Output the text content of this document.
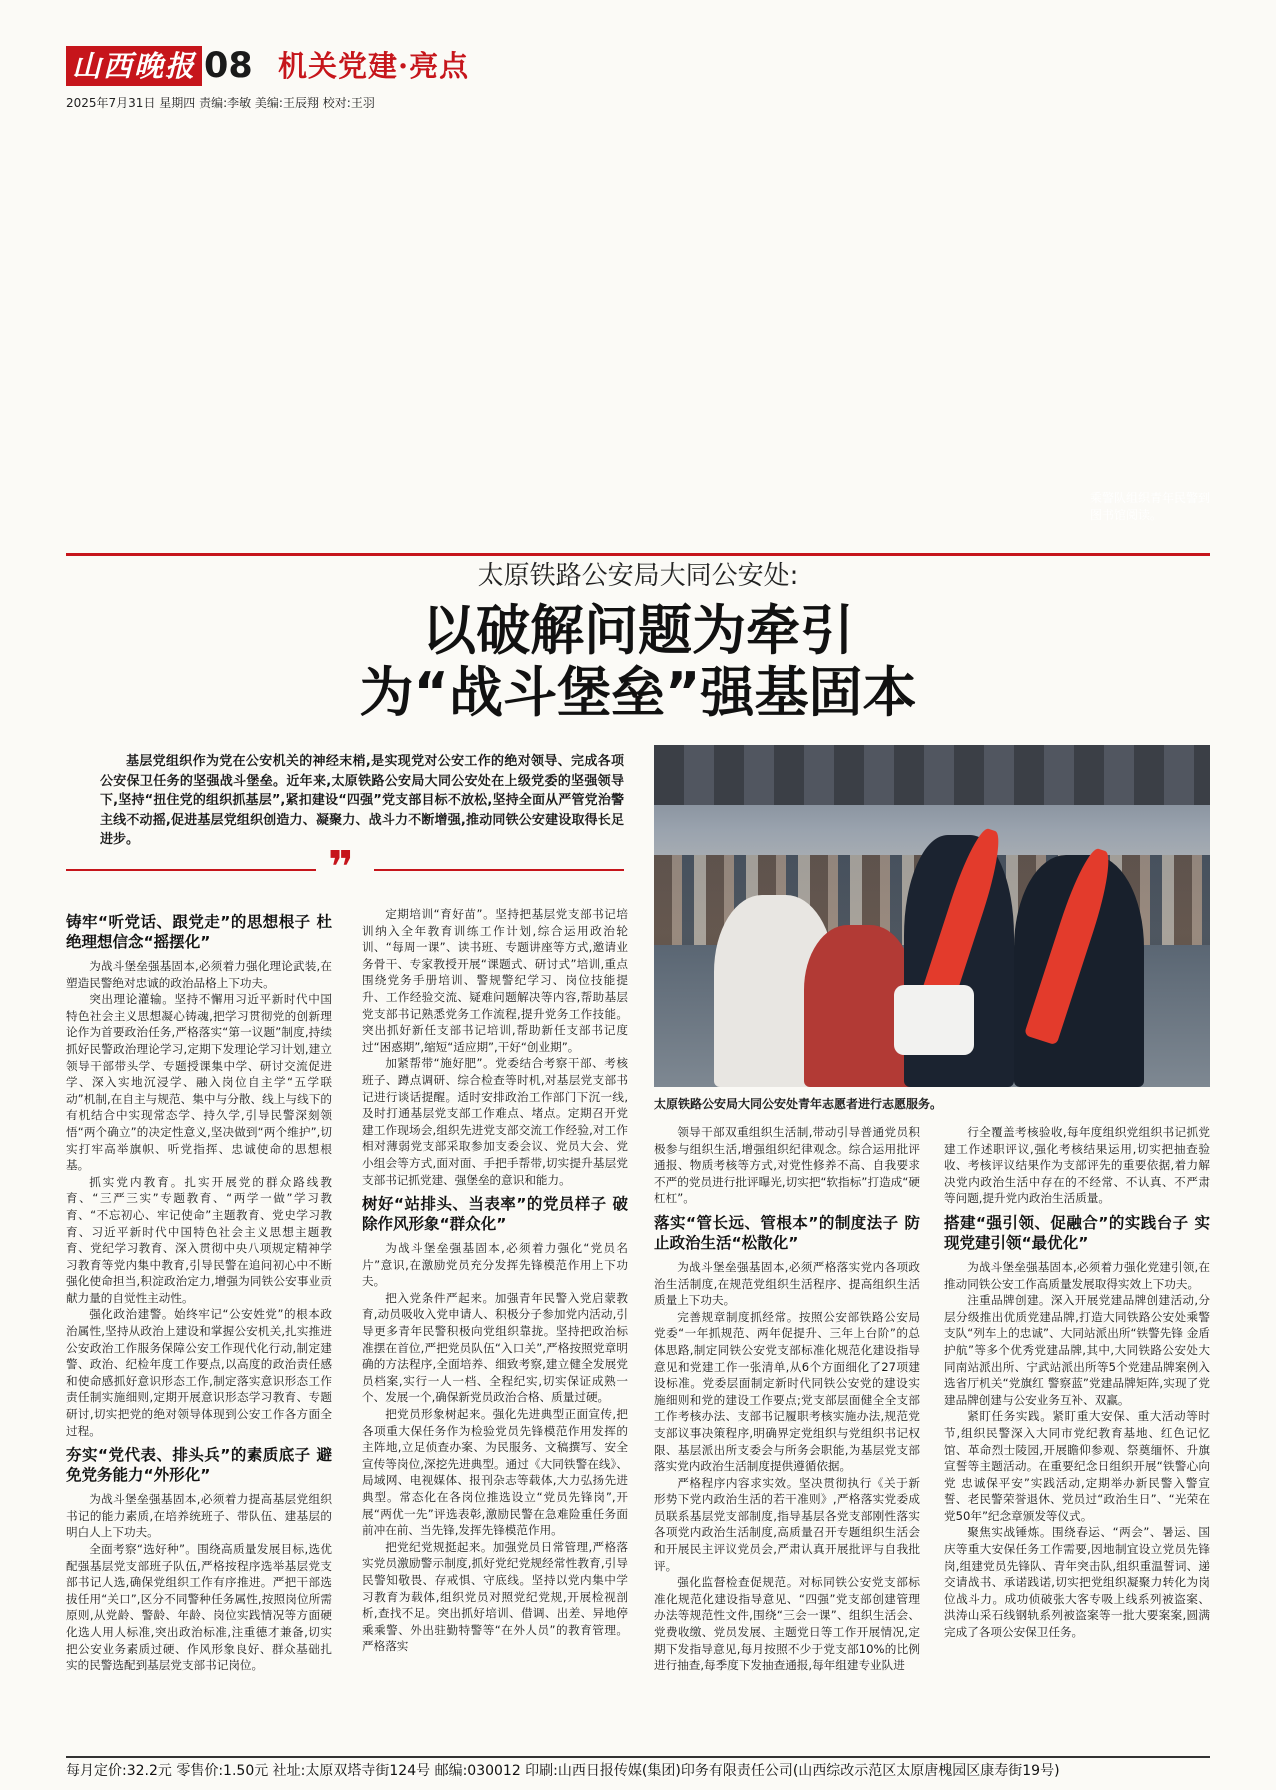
★
大同乘警支队青年先锋队
乘警队组织青年民警到图书馆阅读。
山西晚报 08 机关党建·亮点
2025年7月31日 星期四 责编:李敏 美编:王辰翔 校对:王羽
太原铁路公安局大同公安处:
以破解问题为牵引
为“战斗堡垒”强基固本
基层党组织作为党在公安机关的神经末梢,是实现党对公安工作的绝对领导、完成各项公安保卫任务的坚强战斗堡垒。近年来,太原铁路公安局大同公安处在上级党委的坚强领导下,坚持“扭住党的组织抓基层”,紧扣建设“四强”党支部目标不放松,坚持全面从严管党治警主线不动摇,促进基层党组织创造力、凝聚力、战斗力不断增强,推动同铁公安建设取得长足进步。
❞
太原铁路公安局大同公安处青年志愿者进行志愿服务。
铸牢“听党话、跟党走”的思想根子 杜绝理想信念“摇摆化”

为战斗堡垒强基固本,必须着力强化理论武装,在塑造民警绝对忠诚的政治品格上下功夫。

突出理论灌输。坚持不懈用习近平新时代中国特色社会主义思想凝心铸魂,把学习贯彻党的创新理论作为首要政治任务,严格落实“第一议题”制度,持续抓好民警政治理论学习,定期下发理论学习计划,建立领导干部带头学、专题授课集中学、研讨交流促进学、深入实地沉浸学、融入岗位自主学“五学联动”机制,在自主与规范、集中与分散、线上与线下的有机结合中实现常态学、持久学,引导民警深刻领悟“两个确立”的决定性意义,坚决做到“两个维护”,切实打牢高举旗帜、听党指挥、忠诚使命的思想根基。

抓实党内教育。扎实开展党的群众路线教育、“三严三实”专题教育、“两学一做”学习教育、“不忘初心、牢记使命”主题教育、党史学习教育、习近平新时代中国特色社会主义思想主题教育、党纪学习教育、深入贯彻中央八项规定精神学习教育等党内集中教育,引导民警在追问初心中不断强化使命担当,积淀政治定力,增强为同铁公安事业贡献力量的自觉性主动性。

强化政治建警。始终牢记“公安姓党”的根本政治属性,坚持从政治上建设和掌握公安机关,扎实推进公安政治工作服务保障公安工作现代化行动,制定建警、政治、纪检年度工作要点,以高度的政治责任感和使命感抓好意识形态工作,制定落实意识形态工作责任制实施细则,定期开展意识形态学习教育、专题研讨,切实把党的绝对领导体现到公安工作各方面全过程。

夯实“党代表、排头兵”的素质底子 避免党务能力“外形化”

为战斗堡垒强基固本,必须着力提高基层党组织书记的能力素质,在培养统班子、带队伍、建基层的明白人上下功夫。

全面考察“选好种”。围绕高质量发展目标,选优配强基层党支部班子队伍,严格按程序选举基层党支部书记人选,确保党组织工作有序推进。严把干部选拔任用“关口”,区分不同警种任务属性,按照岗位所需原则,从党龄、警龄、年龄、岗位实践情况等方面硬化选人用人标准,突出政治标准,注重德才兼备,切实把公安业务素质过硬、作风形象良好、群众基础扎实的民警选配到基层党支部书记岗位。

定期培训“育好苗”。坚持把基层党支部书记培训纳入全年教育训练工作计划,综合运用政治轮训、“每周一课”、读书班、专题讲座等方式,邀请业务骨干、专家教授开展“课题式、研讨式”培训,重点围绕党务手册培训、警规警纪学习、岗位技能提升、工作经验交流、疑难问题解决等内容,帮助基层党支部书记熟悉党务工作流程,提升党务工作技能。突出抓好新任支部书记培训,帮助新任支部书记度过“困惑期”,缩短“适应期”,干好“创业期”。

加紧帮带“施好肥”。党委结合考察干部、考核班子、蹲点调研、综合检查等时机,对基层党支部书记进行谈话提醒。适时安排政治工作部门下沉一线,及时打通基层党支部工作难点、堵点。定期召开党建工作现场会,组织先进党支部交流工作经验,对工作相对薄弱党支部采取参加支委会议、党员大会、党小组会等方式,面对面、手把手帮带,切实提升基层党支部书记抓党建、强堡垒的意识和能力。

树好“站排头、当表率”的党员样子 破除作风形象“群众化”

为战斗堡垒强基固本,必须着力强化“党员名片”意识,在激励党员充分发挥先锋模范作用上下功夫。

把入党条件严起来。加强青年民警入党启蒙教育,动员吸收入党申请人、积极分子参加党内活动,引导更多青年民警积极向党组织靠拢。坚持把政治标准摆在首位,严把党员队伍“入口关”,严格按照党章明确的方法程序,全面培养、细致考察,建立健全发展党员档案,实行一人一档、全程纪实,切实保证成熟一个、发展一个,确保新党员政治合格、质量过硬。

把党员形象树起来。强化先进典型正面宣传,把各项重大保任务作为检验党员先锋模范作用发挥的主阵地,立足侦查办案、为民服务、文稿撰写、安全宣传等岗位,深挖先进典型。通过《大同铁警在线》、局域网、电视媒体、报刊杂志等载体,大力弘扬先进典型。常态化在各岗位推选设立“党员先锋岗”,开展“两优一先”评选表彰,激励民警在急难险重任务面前冲在前、当先锋,发挥先锋模范作用。

把党纪党规挺起来。加强党员日常管理,严格落实党员激励警示制度,抓好党纪党规经常性教育,引导民警知敬畏、存戒惧、守底线。坚持以党内集中学习教育为载体,组织党员对照党纪党规,开展检视剖析,查找不足。突出抓好培训、借调、出差、异地停乘乘警、外出驻勤特警等“在外人员”的教育管理。严格落实

领导干部双重组织生活制,带动引导普通党员积极参与组织生活,增强组织纪律观念。综合运用批评通报、物质考核等方式,对党性修养不高、自我要求不严的党员进行批评曝光,切实把“软指标”打造成“硬杠杠”。

落实“管长远、管根本”的制度法子 防止政治生活“松散化”

为战斗堡垒强基固本,必须严格落实党内各项政治生活制度,在规范党组织生活程序、提高组织生活质量上下功夫。

完善规章制度抓经常。按照公安部铁路公安局党委“一年抓规范、两年促提升、三年上台阶”的总体思路,制定同铁公安党支部标准化规范化建设指导意见和党建工作一张清单,从6个方面细化了27项建设标准。党委层面制定新时代同铁公安党的建设实施细则和党的建设工作要点;党支部层面健全全支部工作考核办法、支部书记履职考核实施办法,规范党支部议事决策程序,明确界定党组织与党组织书记权限、基层派出所支委会与所务会职能,为基层党支部落实党内政治生活制度提供遵循依据。

严格程序内容求实效。坚决贯彻执行《关于新形势下党内政治生活的若干准则》,严格落实党委成员联系基层党支部制度,指导基层各党支部刚性落实各项党内政治生活制度,高质量召开专题组织生活会和开展民主评议党员会,严肃认真开展批评与自我批评。

强化监督检查促规范。对标同铁公安党支部标准化规范化建设指导意见、“四强”党支部创建管理办法等规范性文件,围绕“三会一课”、组织生活会、党费收缴、党员发展、主题党日等工作开展情况,定期下发指导意见,每月按照不少于党支部10%的比例进行抽查,每季度下发抽查通报,每年组建专业队进

行全覆盖考核验收,每年度组织党组织书记抓党建工作述职评议,强化考核结果运用,切实把抽查验收、考核评议结果作为支部评先的重要依据,着力解决党内政治生活中存在的不经常、不认真、不严肃等问题,提升党内政治生活质量。

搭建“强引领、促融合”的实践台子 实现党建引领“最优化”

为战斗堡垒强基固本,必须着力强化党建引领,在推动同铁公安工作高质量发展取得实效上下功夫。

注重品牌创建。深入开展党建品牌创建活动,分层分级推出优质党建品牌,打造大同铁路公安处乘警支队“列车上的忠诚”、大同站派出所“铁警先锋 金盾护航”等多个优秀党建品牌,其中,大同铁路公安处大同南站派出所、宁武站派出所等5个党建品牌案例入选省厅机关“党旗红 警察蓝”党建品牌矩阵,实现了党建品牌创建与公安业务互补、双赢。

紧盯任务实践。紧盯重大安保、重大活动等时节,组织民警深入大同市党纪教育基地、红色记忆馆、革命烈士陵园,开展瞻仰参观、祭奠缅怀、升旗宣誓等主题活动。在重要纪念日组织开展“铁警心向党 忠诚保平安”实践活动,定期举办新民警入警宣誓、老民警荣誉退休、党员过“政治生日”、“光荣在党50年”纪念章颁发等仪式。

聚焦实战锤炼。围绕春运、“两会”、暑运、国庆等重大安保任务工作需要,因地制宜设立党员先锋岗,组建党员先锋队、青年突击队,组织重温誓词、递交请战书、承诺践诺,切实把党组织凝聚力转化为岗位战斗力。成功侦破张大客专吸上线系列被盗案、洪涛山采石线钢轨系列被盗案等一批大要案案,圆满完成了各项公安保卫任务。

每月定价:32.2元 零售价:1.50元 社址:太原双塔寺街124号 邮编:030012 印刷:山西日报传媒(集团)印务有限责任公司(山西综改示范区太原唐槐园区康寿街19号)
